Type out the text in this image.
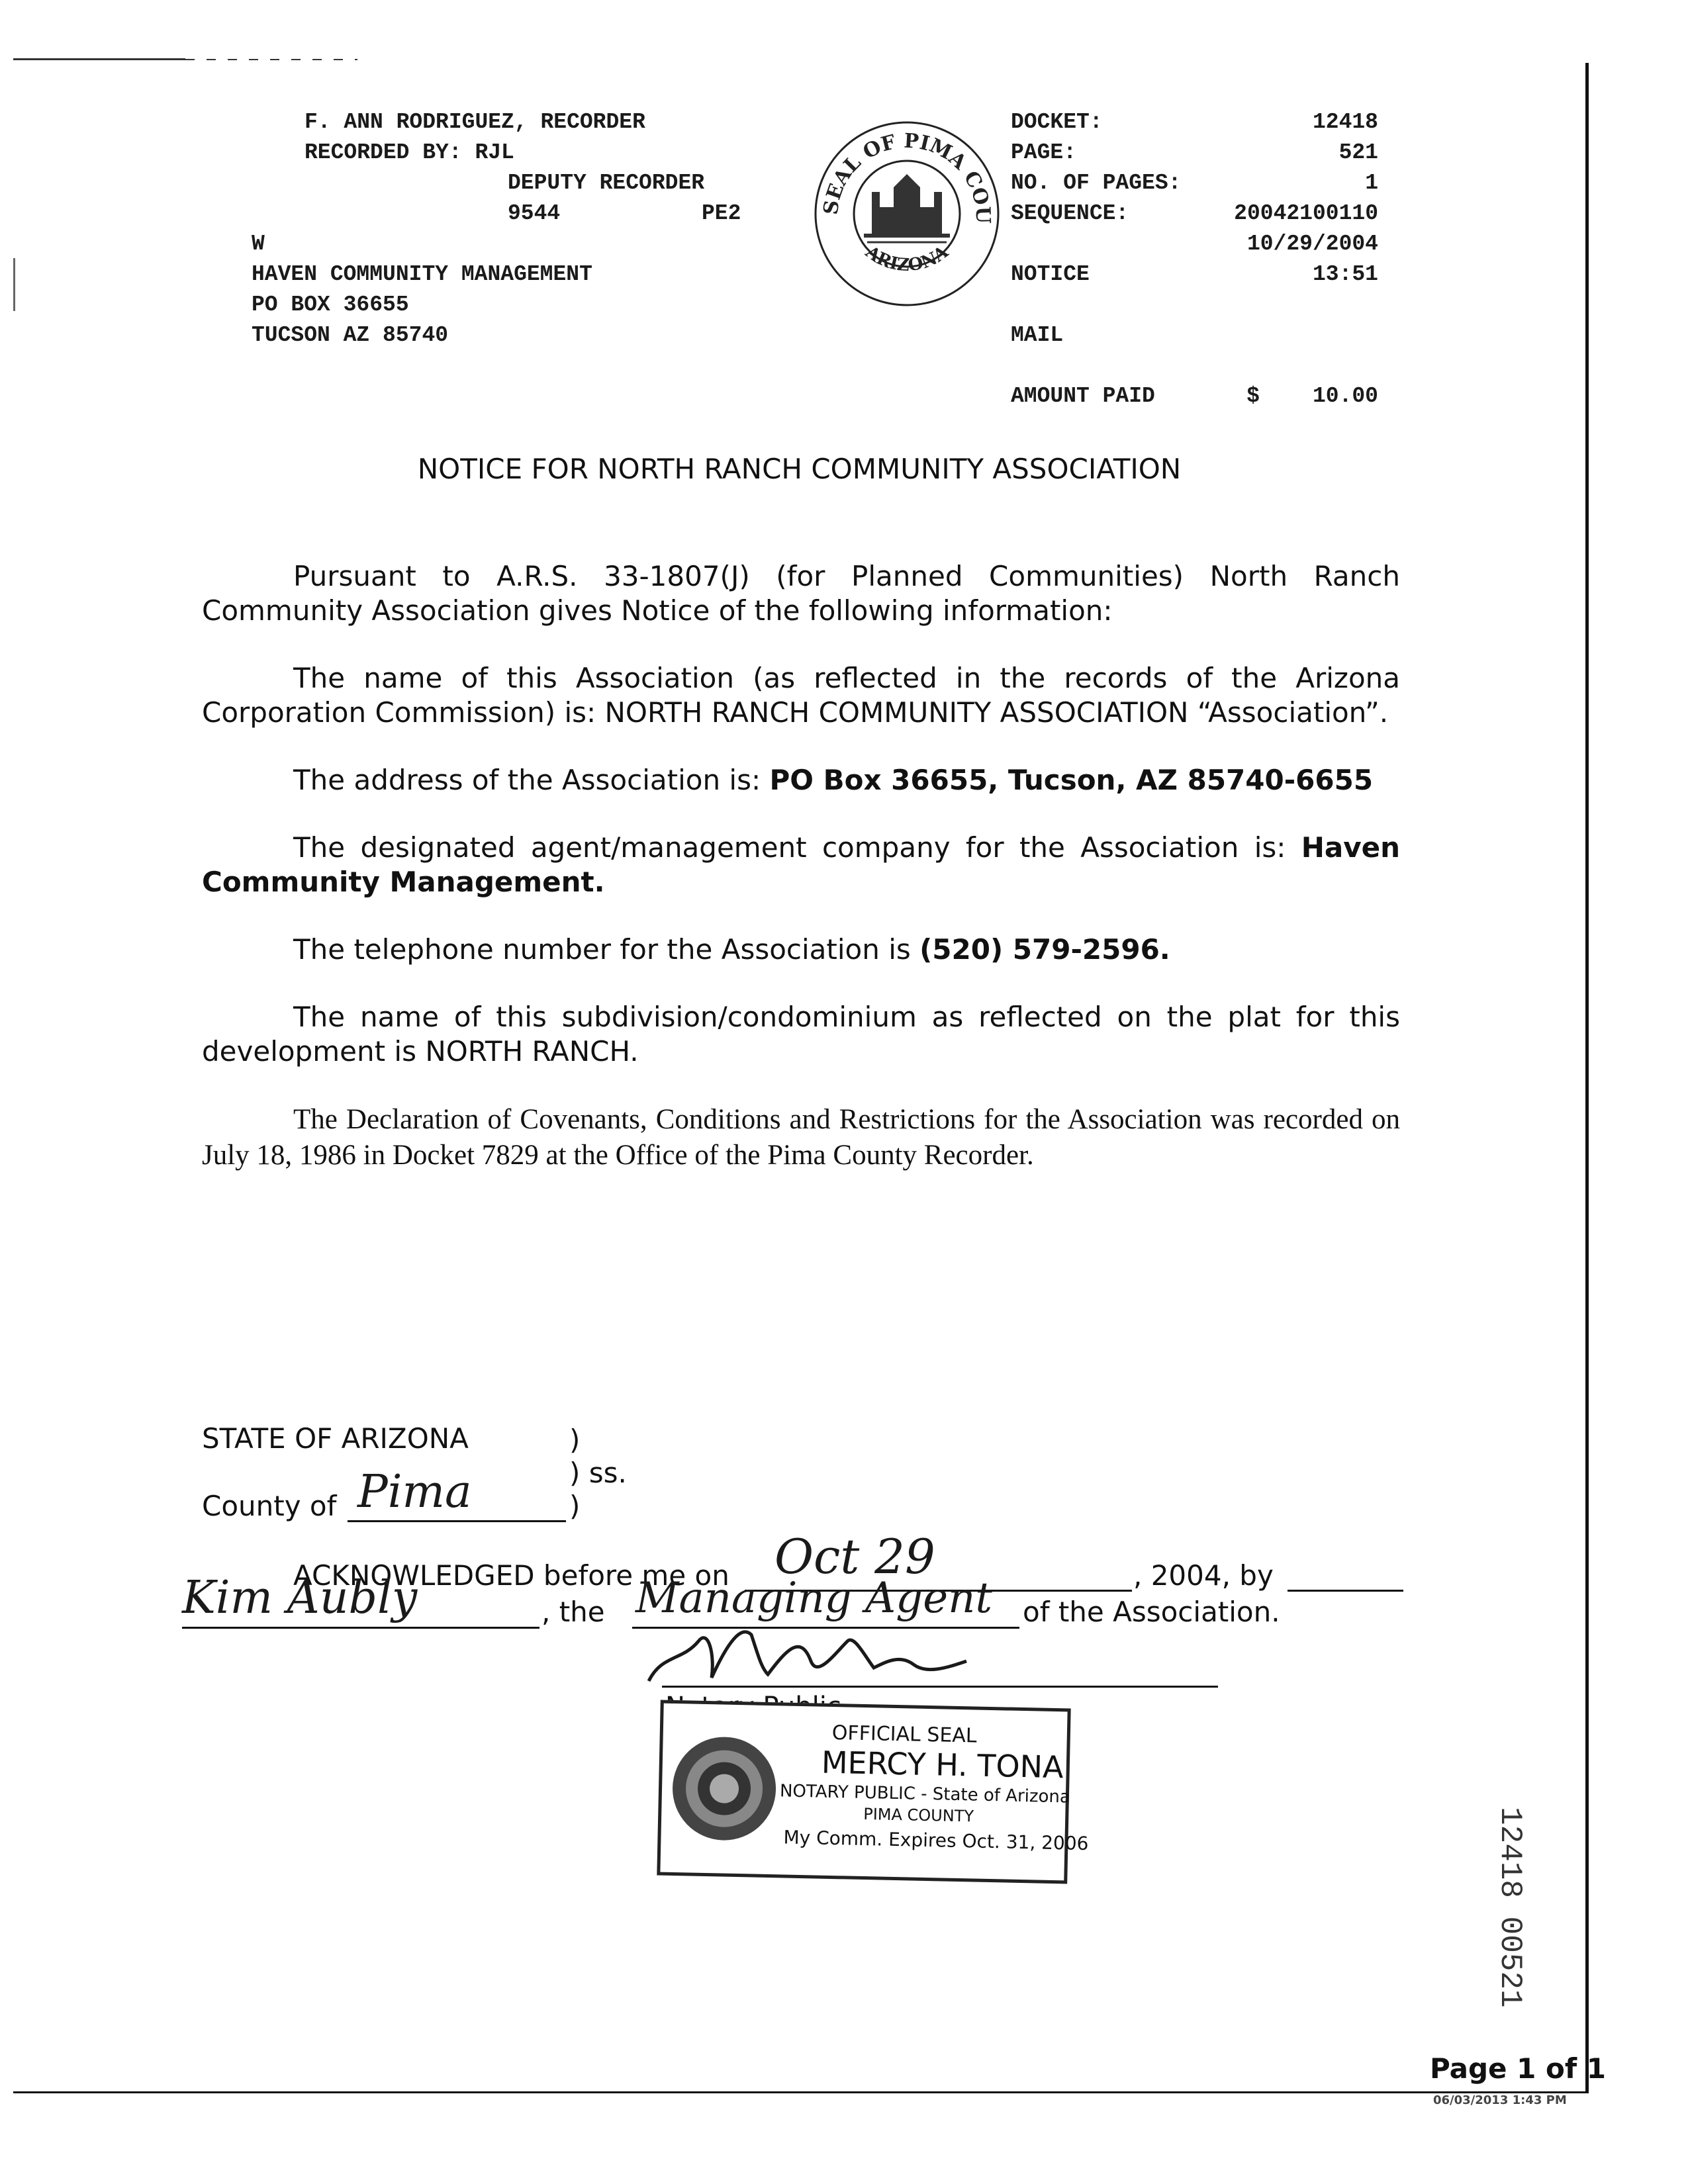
F. ANN RODRIGUEZ, RECORDER
RECORDED BY: RJL
DEPUTY RECORDER
9544	PE2
W
HAVEN COMMUNITY MANAGEMENT
PO BOX 36655
TUCSON AZ 85740
SEAL OF PIMA COU
ARIZONA
DOCKET:	12418
PAGE:	521
NO. OF PAGES:	1
SEQUENCE:	20042100110
10/29/2004
NOTICE	13:51
MAIL
AMOUNT PAID	$ 10.00
NOTICE FOR NORTH RANCH COMMUNITY ASSOCIATION
Pursuant to A.R.S. 33-1807(J) (for Planned Communities) North Ranch Community Association gives Notice of the following information:
The name of this Association (as reflected in the records of the Arizona Corporation Commission) is: NORTH RANCH COMMUNITY ASSOCIATION “Association”.
The address of the Association is: PO Box 36655, Tucson, AZ 85740-6655
The designated agent/management company for the Association is: Haven Community Management.
The telephone number for the Association is (520) 579-2596.
The name of this subdivision/condominium as reflected on the plat for this development is NORTH RANCH.
The Declaration of Covenants, Conditions and Restrictions for the Association was recorded on July 18, 1986 in Docket 7829 at the Office of the Pima County Recorder.
STATE OF ARIZONA	)
) ss.
County of Pima	)
ACKNOWLEDGED before me on Oct 29	, 2004, by
Kim Aubly	, the Managing Agent of the Association.
OFFICIAL SEAL
MERCY H. TONA
NOTARY PUBLIC - State of Arizona
PIMA COUNTY
My Comm. Expires Oct. 31, 2006	12418 00521
Page 1 of 1
06/03/2013 1:43 PM
